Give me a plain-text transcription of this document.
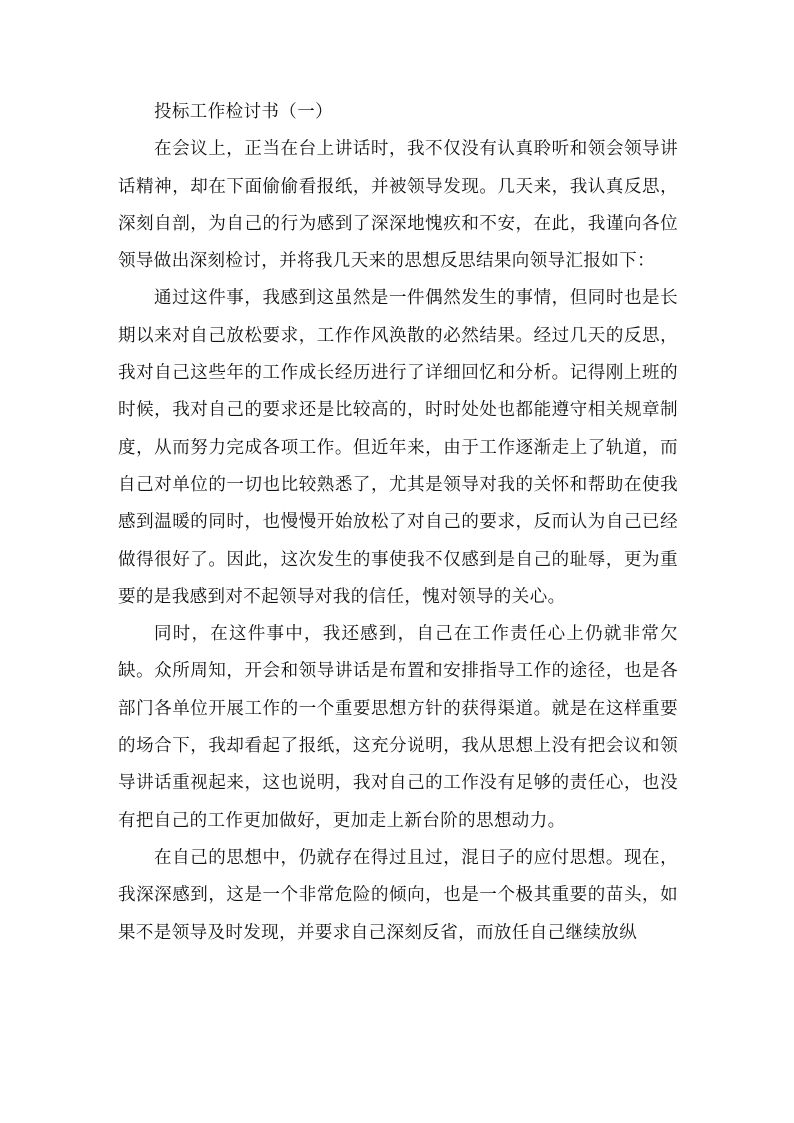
投标工作检讨书（一）

在会议上，正当在台上讲话时，我不仅没有认真聆听和领会领导讲话精神，却在下面偷偷看报纸，并被领导发现。几天来，我认真反思，深刻自剖，为自己的行为感到了深深地愧疚和不安，在此，我谨向各位领导做出深刻检讨，并将我几天来的思想反思结果向领导汇报如下：

通过这件事，我感到这虽然是一件偶然发生的事情，但同时也是长期以来对自己放松要求，工作作风涣散的必然结果。经过几天的反思，我对自己这些年的工作成长经历进行了详细回忆和分析。记得刚上班的时候，我对自己的要求还是比较高的，时时处处也都能遵守相关规章制度，从而努力完成各项工作。但近年来，由于工作逐渐走上了轨道，而自己对单位的一切也比较熟悉了，尤其是领导对我的关怀和帮助在使我感到温暖的同时，也慢慢开始放松了对自己的要求，反而认为自己已经做得很好了。因此，这次发生的事使我不仅感到是自己的耻辱，更为重要的是我感到对不起领导对我的信任，愧对领导的关心。

同时，在这件事中，我还感到，自己在工作责任心上仍就非常欠缺。众所周知，开会和领导讲话是布置和安排指导工作的途径，也是各部门各单位开展工作的一个重要思想方针的获得渠道。就是在这样重要的场合下，我却看起了报纸，这充分说明，我从思想上没有把会议和领导讲话重视起来，这也说明，我对自己的工作没有足够的责任心，也没有把自己的工作更加做好，更加走上新台阶的思想动力。

在自己的思想中，仍就存在得过且过，混日子的应付思想。现在，我深深感到，这是一个非常危险的倾向，也是一个极其重要的苗头，如果不是领导及时发现，并要求自己深刻反省，而放任自己继续放纵
